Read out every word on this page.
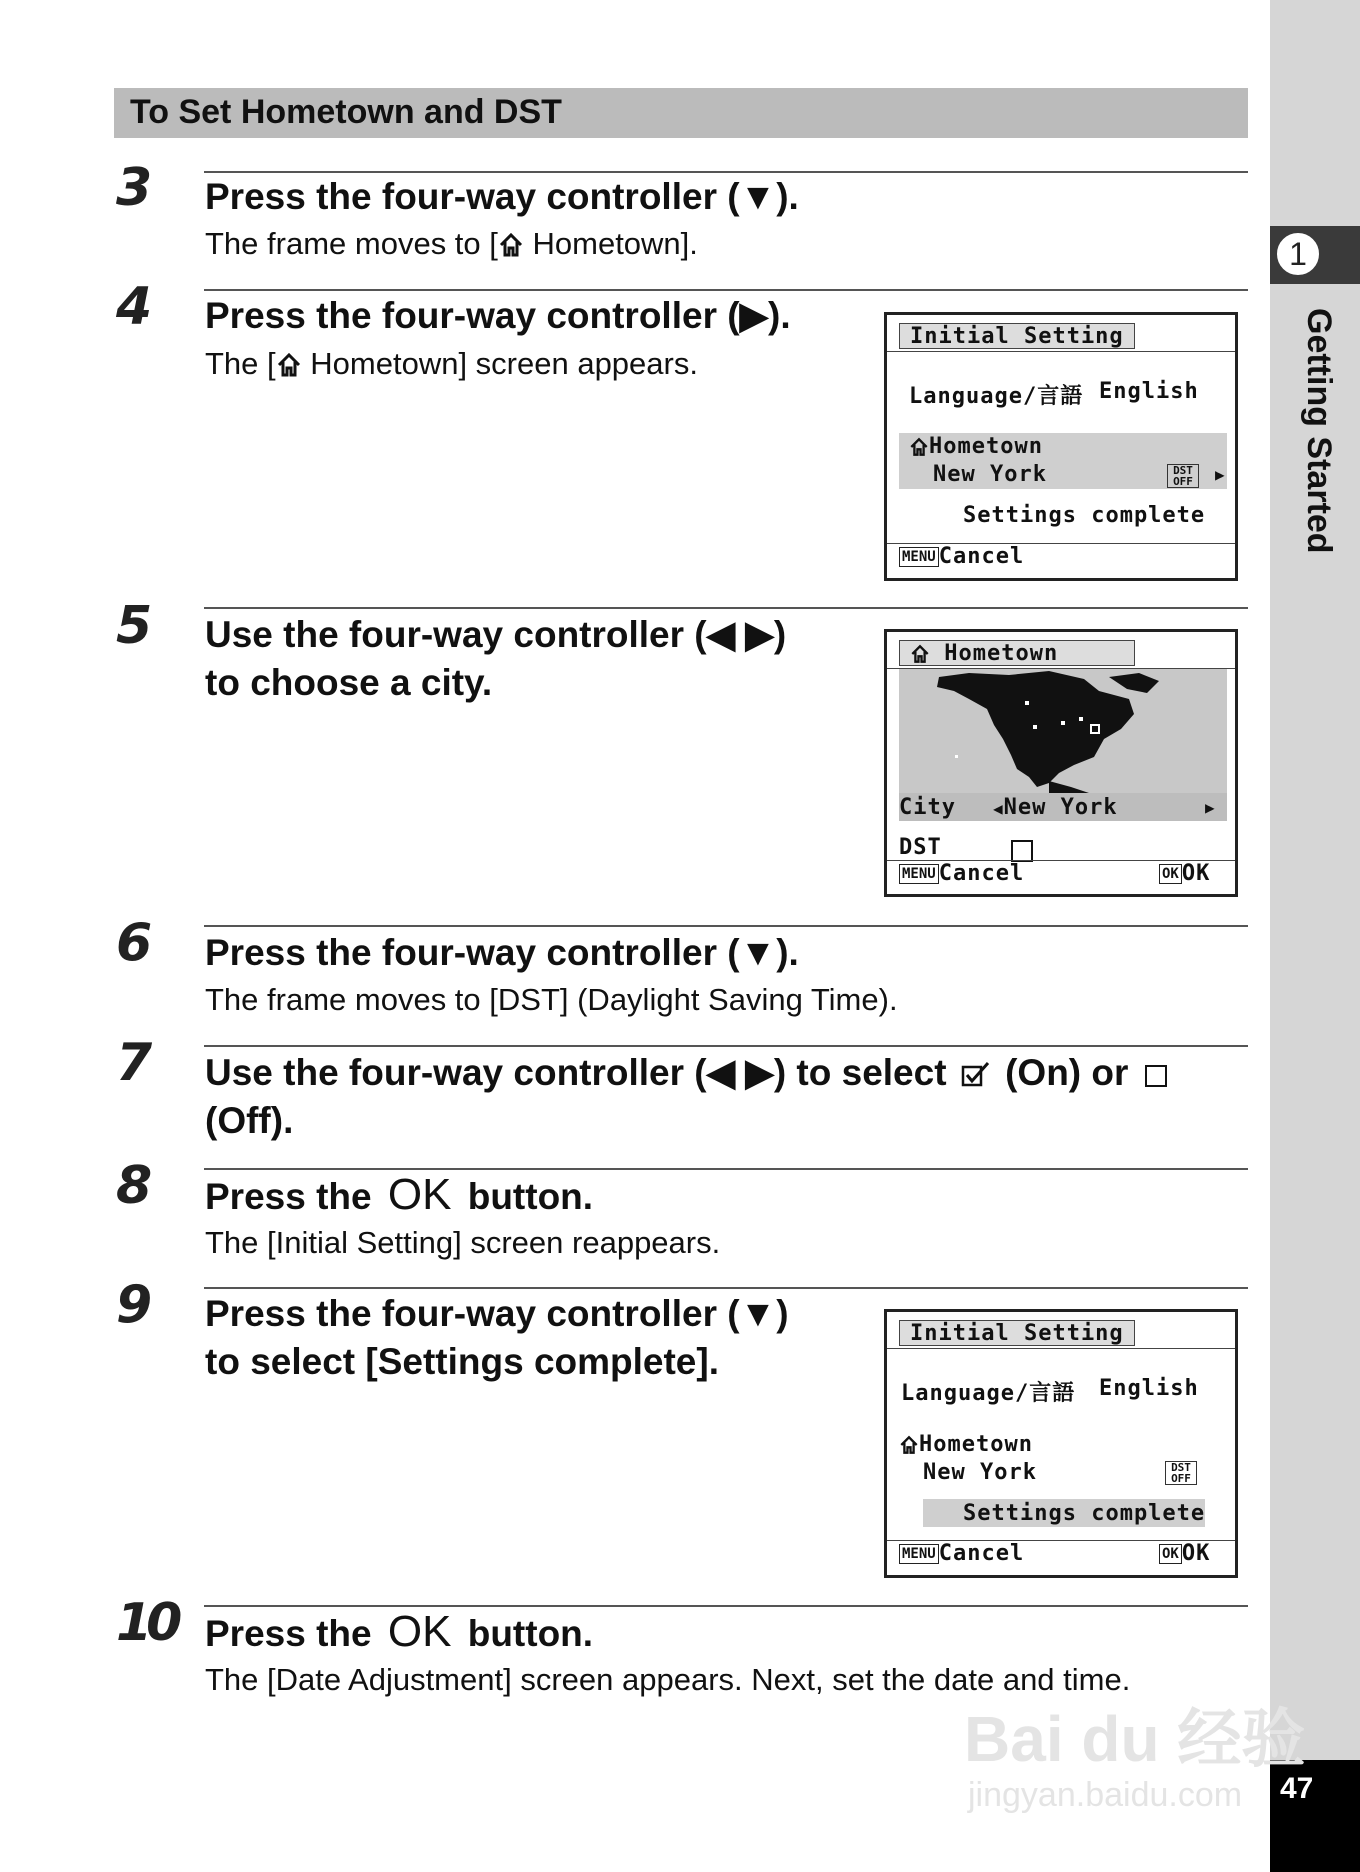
1
Getting Started
47
To Set Hometown and DST
3 Press the four-way controller (▼).
The frame moves to [ Hometown].
4 Press the four-way controller (▶).
The [ Hometown] screen appears.
Initial Setting
Language/言語 English
Hometown
New York	DST OFF	▶
Settings complete
MENU Cancel
5 Use the four-way controller (◀ ▶)
to choose a city.
Hometown
City ◀New York	▶
DST
MENU Cancel	OK OK
6 Press the four-way controller (▼).
The frame moves to [DST] (Daylight Saving Time).
7 Use the four-way controller (◀ ▶) to select  (On) or
(Off).
8 Press the OK button.
The [Initial Setting] screen reappears.
9 Press the four-way controller (▼)
to select [Settings complete].
Initial Setting
Language/言語 English
Hometown
New York	DST OFF
Settings complete
MENU Cancel	OK OK
10 Press the OK button.
The [Date Adjustment] screen appears. Next, set the date and time.
Bai du 经验
jingyan.baidu.com
